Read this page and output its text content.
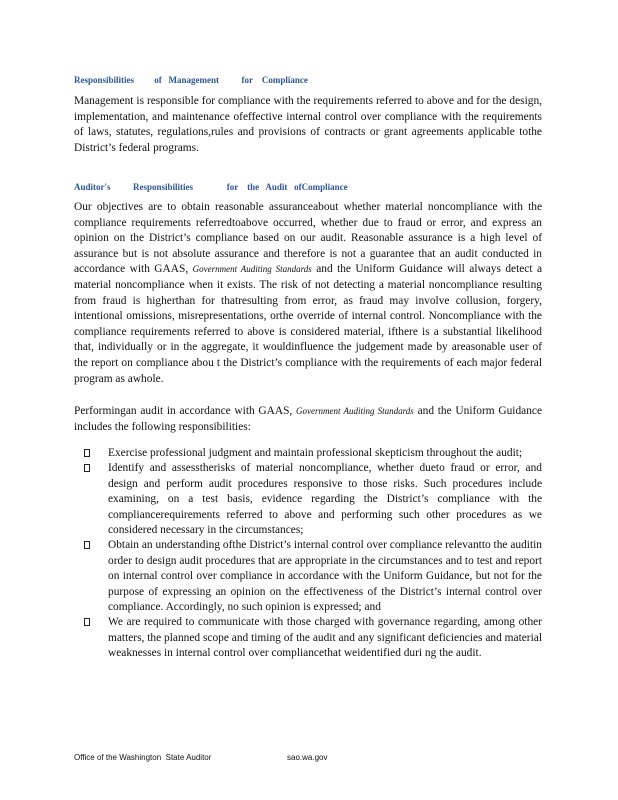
Responsibilities         of   Management          for    Compliance
Management is responsible for compliance with the requirements referred to above and for the design, implementation, and maintenance ofeffective internal control over compliance with the requirements of laws, statutes, regulations,rules and provisions of contracts or grant agreements applicable tothe District’s federal programs.
Auditor's          Responsibilities               for    the   Audit   ofCompliance
Our objectives are to obtain reasonable assuranceabout whether material noncompliance with the compliance requirements referredtoabove occurred, whether due to fraud or error, and express an opinion on the District’s compliance based on our audit. Reasonable assurance is a high level of assurance but is not absolute assurance and therefore is not a guarantee that an audit conducted in accordance with GAAS, Government Auditing Standards and the Uniform Guidance will always detect a material noncompliance when it exists. The risk of not detecting a material noncompliance resulting from fraud is higherthan for thatresulting from error, as fraud may involve collusion, forgery, intentional omissions, misrepresentations, orthe override of internal control. Noncompliance with the compliance requirements referred to above is considered material, ifthere is a substantial likelihood that, individually or in the aggregate, it wouldinfluence the judgement made by areasonable user of the report on compliance abou t the District’s compliance with the requirements of each major federal program as awhole.
Performingan audit in accordance with GAAS, Government Auditing Standards and the Uniform Guidance includes the following responsibilities:
Exercise professional judgment and maintain professional skepticism throughout the audit;
Identify and assesstherisks of material noncompliance, whether dueto fraud or error, and design and perform audit procedures responsive to those risks. Such procedures include examining, on a test basis, evidence regarding the District’s compliance with the compliancerequirements referred to above and performing such other procedures as we considered necessary in the circumstances;
Obtain an understanding ofthe District’s internal control over compliance relevantto the auditin order to design audit procedures that are appropriate in the circumstances and to test and report on internal control over compliance in accordance with the Uniform Guidance, but not for the purpose of expressing an opinion on the effectiveness of the District’s internal control over compliance. Accordingly, no such opinion is expressed; and
We are required to communicate with those charged with governance regarding, among other matters, the planned scope and timing of the audit and any significant deficiencies and material weaknesses in internal control over compliancethat weidentified duri ng the audit.
Office of the Washington  State Auditor	sao.wa.gov
